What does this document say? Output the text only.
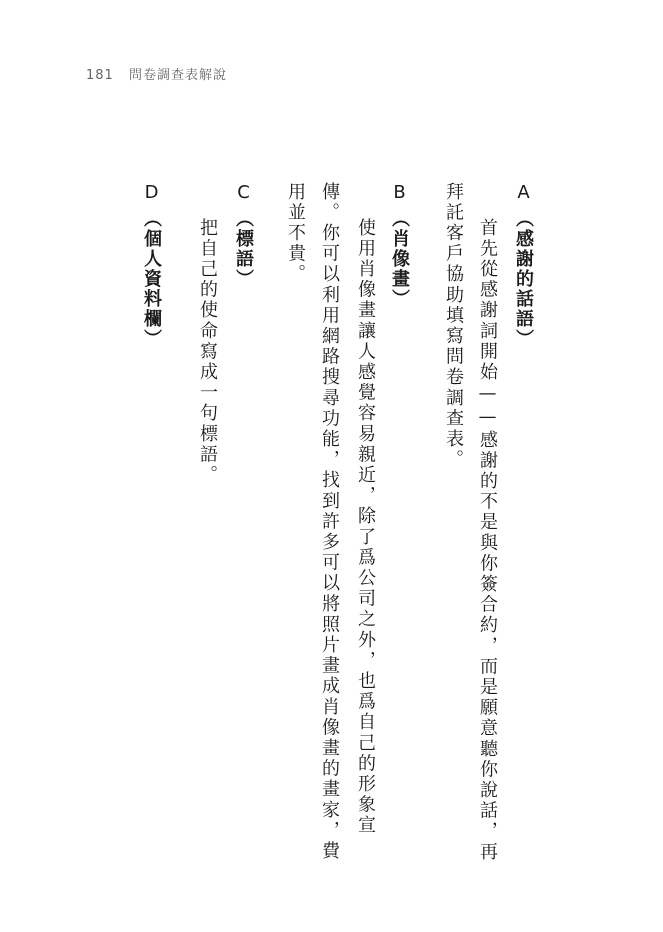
181 問卷調查表解說
A（感謝的話語）
首先從感謝詞開始——感謝的不是與你簽合約，而是願意聽你說話，再
拜託客戶協助填寫問卷調查表。
B（肖像畫）
使用肖像畫讓人感覺容易親近，除了爲公司之外，也爲自己的形象宣
傳。你可以利用網路搜尋功能，找到許多可以將照片畫成肖像畫的畫家，費
用並不貴。
C（標語）
把自己的使命寫成一句標語。
D（個人資料欄）
